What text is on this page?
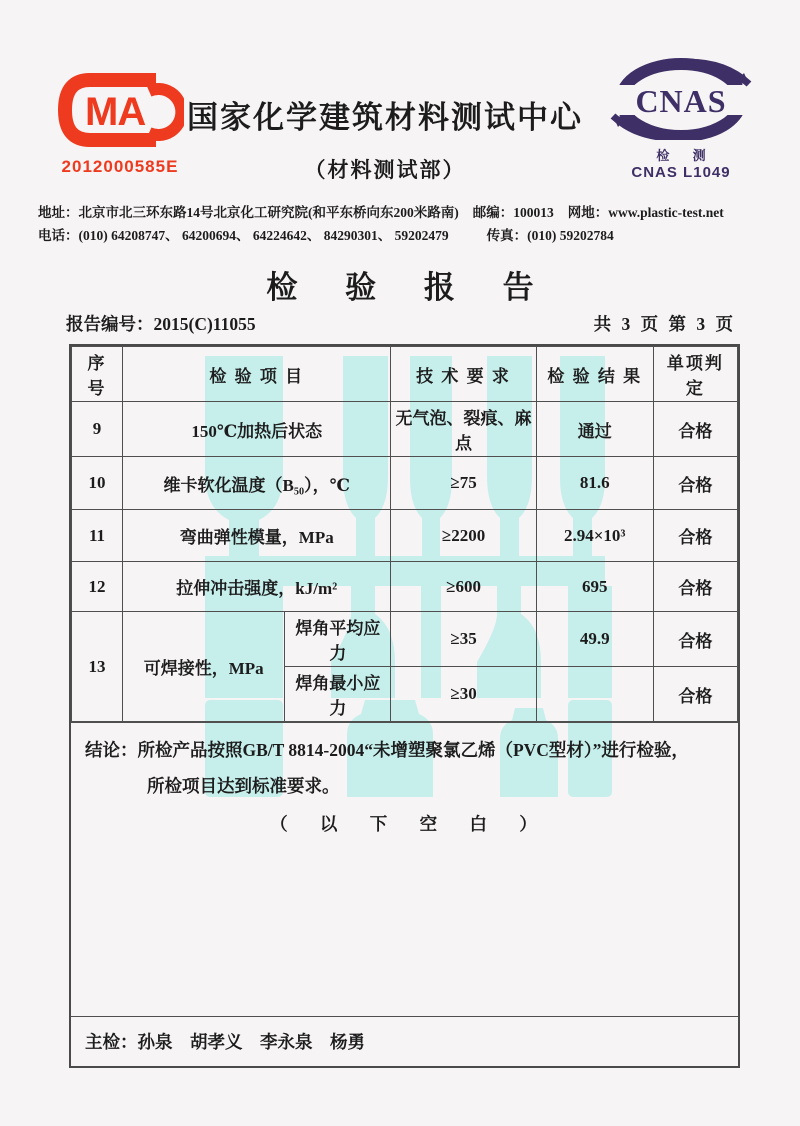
MA
2012000585E
国家化学建筑材料测试中心
（材料测试部）
CNAS
检 测
CNAS L1049
地址：北京市北三环东路14号北京化工研究院(和平东桥向东200米路南) 邮编：100013 网地：www.plastic-test.net
电话：(010) 64208747、 64200694、 64224642、 84290301、 59202479	传真：(010) 59202784
检 验 报 告
报告编号：2015(C)11055	共 3 页 第 3 页
序 号	检 验 项 目		技 术 要 求	检 验 结 果	单项判定
9	150℃加热后状态		无气泡、裂痕、麻点	通过	合格
10	维卡软化温度（B₅₀），℃		≥75	81.6	合格
11	弯曲弹性模量，MPa		≥2200	2.94×10³	合格
12	拉伸冲击强度，kJ/m²		≥600	695	合格
13	可焊接性，MPa	焊角平均应力	≥35	49.9	合格
		焊角最小应力	≥30		合格
结论：所检产品按照GB/T 8814-2004“未增塑聚氯乙烯（PVC型材）”进行检验，
所检项目达到标准要求。
（ 以 下 空 白 ）
主检： 孙泉　胡孝义　李永泉　杨勇
